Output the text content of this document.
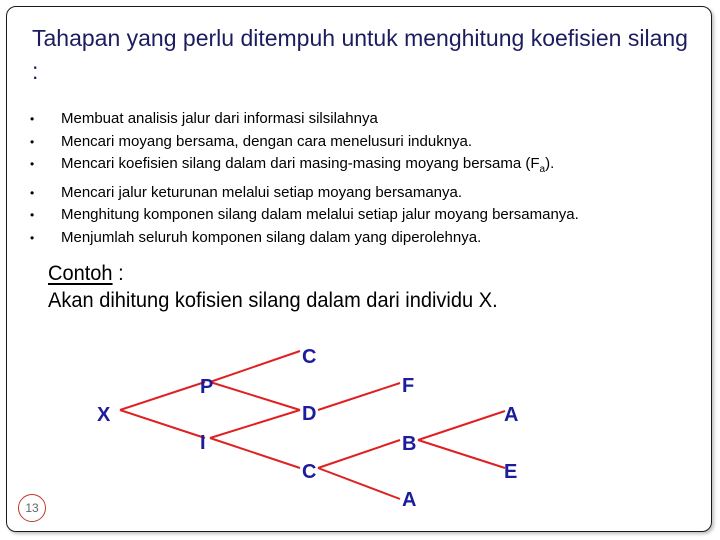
Tahapan yang perlu ditempuh untuk menghitung koefisien silang :
• Membuat analisis jalur dari informasi silsilahnya
• Mencari moyang bersama, dengan cara menelusuri induknya.
• Mencari koefisien silang dalam dari masing-masing moyang bersama $(F_a)$.
• Mencari jalur keturunan melalui setiap moyang bersamanya.
• Menghitung komponen silang dalam melalui setiap jalur moyang bersamanya.
• Menjumlah seluruh komponen silang dalam yang diperolehnya.
Contoh :
Akan dihitung kofisien silang dalam dari individu X.
X
P
I
C
D
F
C
B
A
E
A
13
